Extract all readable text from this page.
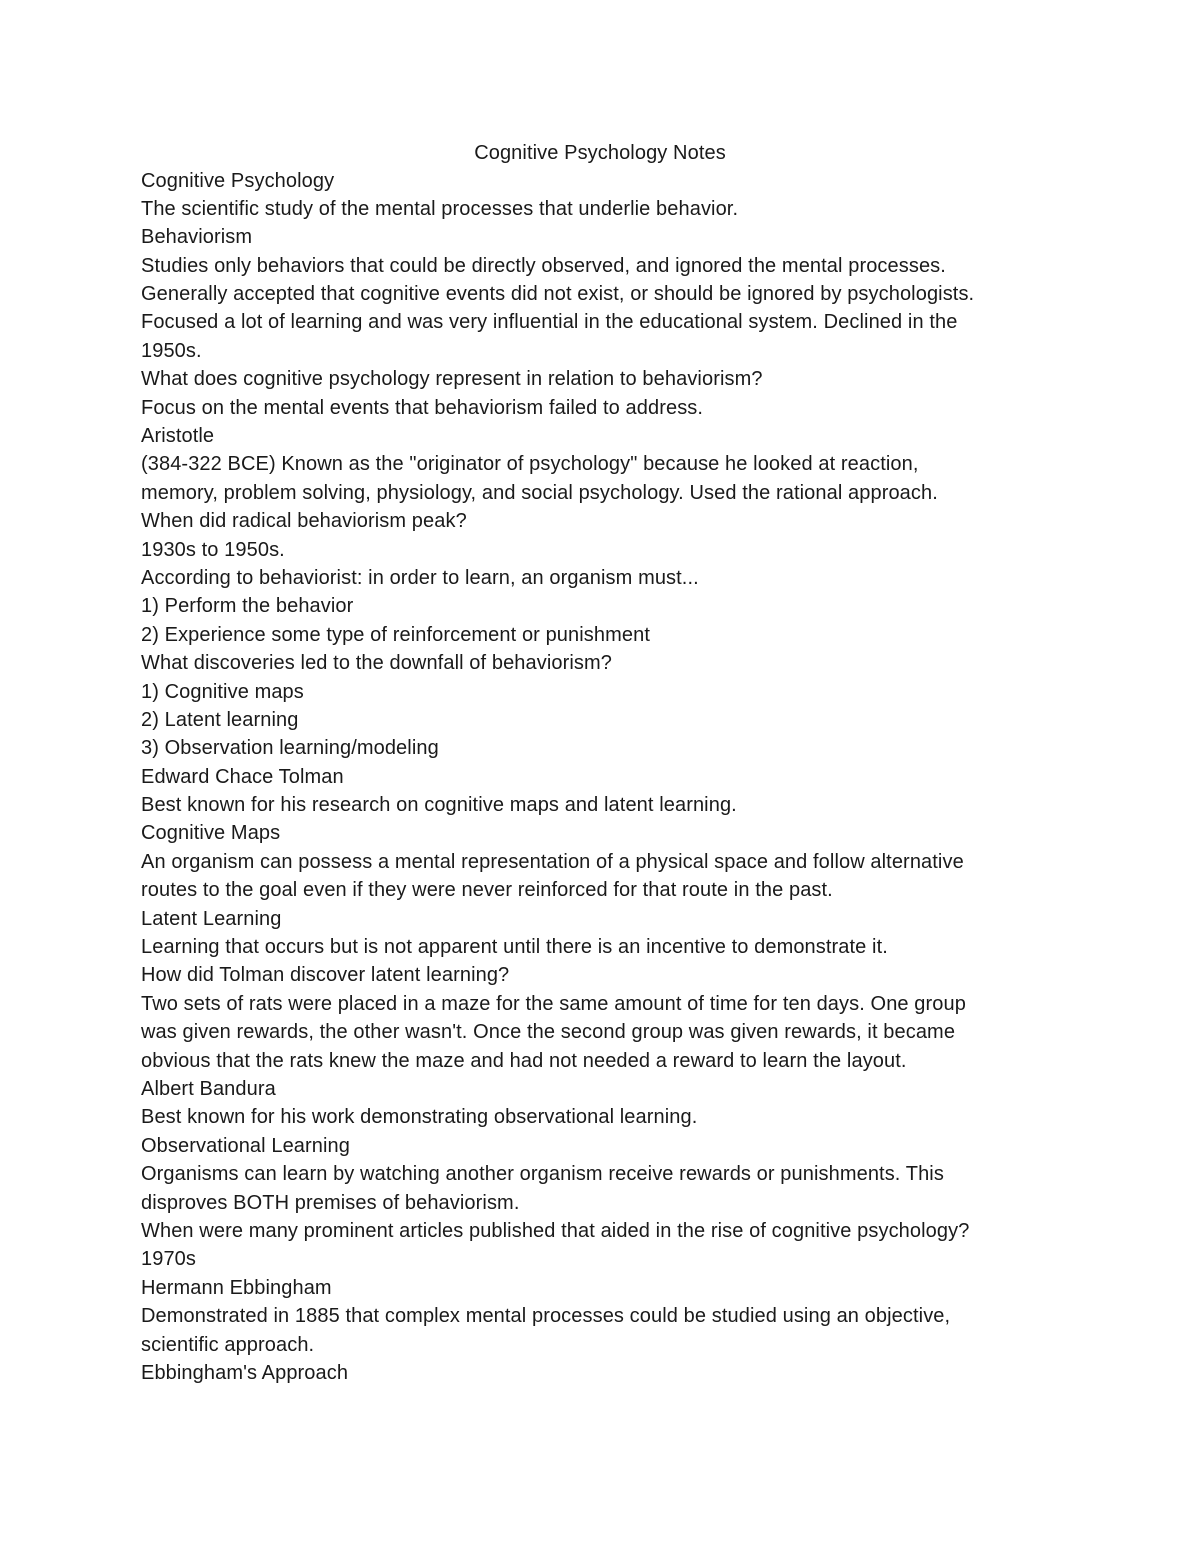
Cognitive Psychology Notes
Cognitive Psychology
The scientific study of the mental processes that underlie behavior.
Behaviorism
Studies only behaviors that could be directly observed, and ignored the mental processes.
Generally accepted that cognitive events did not exist, or should be ignored by psychologists.
Focused a lot of learning and was very influential in the educational system. Declined in the
1950s.
What does cognitive psychology represent in relation to behaviorism?
Focus on the mental events that behaviorism failed to address.
Aristotle
(384-322 BCE) Known as the "originator of psychology" because he looked at reaction,
memory, problem solving, physiology, and social psychology. Used the rational approach.
When did radical behaviorism peak?
1930s to 1950s.
According to behaviorist: in order to learn, an organism must...
1) Perform the behavior
2) Experience some type of reinforcement or punishment
What discoveries led to the downfall of behaviorism?
1) Cognitive maps
2) Latent learning
3) Observation learning/modeling
Edward Chace Tolman
Best known for his research on cognitive maps and latent learning.
Cognitive Maps
An organism can possess a mental representation of a physical space and follow alternative
routes to the goal even if they were never reinforced for that route in the past.
Latent Learning
Learning that occurs but is not apparent until there is an incentive to demonstrate it.
How did Tolman discover latent learning?
Two sets of rats were placed in a maze for the same amount of time for ten days. One group
was given rewards, the other wasn't. Once the second group was given rewards, it became
obvious that the rats knew the maze and had not needed a reward to learn the layout.
Albert Bandura
Best known for his work demonstrating observational learning.
Observational Learning
Organisms can learn by watching another organism receive rewards or punishments. This
disproves BOTH premises of behaviorism.
When were many prominent articles published that aided in the rise of cognitive psychology?
1970s
Hermann Ebbingham
Demonstrated in 1885 that complex mental processes could be studied using an objective,
scientific approach.
Ebbingham's Approach
